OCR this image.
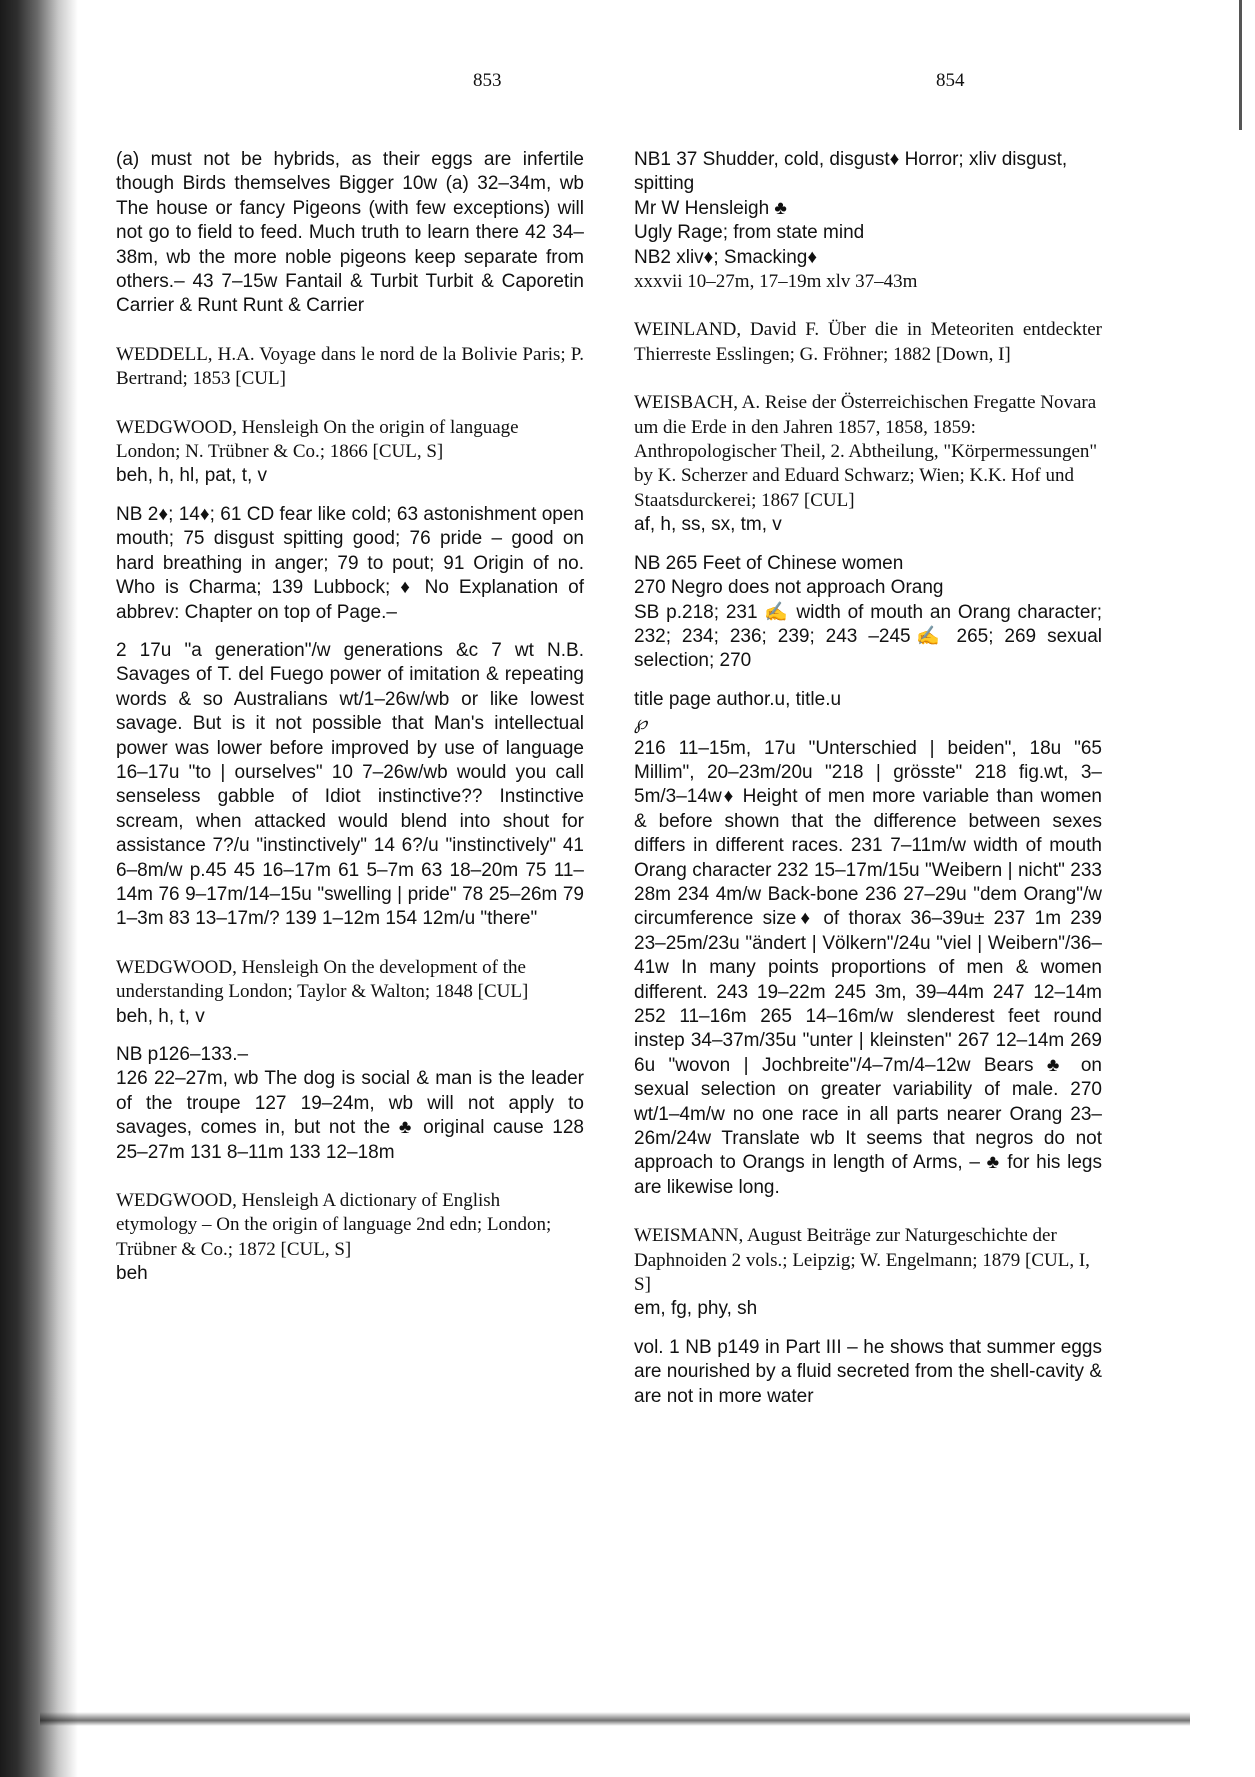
853	854
(a) must not be hybrids, as their eggs are infertile though Birds themselves Bigger 10w (a) 32–34m, wb The house or fancy Pigeons (with few exceptions) will not go to field to feed. Much truth to learn there 42 34–38m, wb the more noble pigeons keep separate from others.– 43 7–15w Fantail & Turbit Turbit & Caporetin Carrier & Runt Runt & Carrier
WEDDELL, H.A. Voyage dans le nord de la Bolivie Paris; P. Bertrand; 1853 [CUL]
WEDGWOOD, Hensleigh On the origin of language London; N. Trübner & Co.; 1866 [CUL, S]
beh, h, hl, pat, t, v
NB 2♦; 14♦; 61 CD fear like cold; 63 astonishment open mouth; 75 disgust spitting good; 76 pride – good on hard breathing in anger; 79 to pout; 91 Origin of no. Who is Charma; 139 Lubbock; ♦ No Explanation of abbrev: Chapter on top of Page.–
2 17u "a generation"/w generations &c 7 wt N.B. Savages of T. del Fuego power of imitation & repeating words & so Australians wt/1–26w/wb or like lowest savage. But is it not possible that Man's intellectual power was lower before improved by use of language 16–17u "to | ourselves" 10 7–26w/wb would you call senseless gabble of Idiot instinctive?? Instinctive scream, when attacked would blend into shout for assistance 7?/u "instinctively" 14 6?/u "instinctively" 41 6–8m/w p.45 45 16–17m 61 5–7m 63 18–20m 75 11–14m 76 9–17m/14–15u "swelling | pride" 78 25–26m 79 1–3m 83 13–17m/? 139 1–12m 154 12m/u "there"
WEDGWOOD, Hensleigh On the development of the understanding London; Taylor & Walton; 1848 [CUL]
beh, h, t, v
NB p126–133.–
126 22–27m, wb The dog is social & man is the leader of the troupe 127 19–24m, wb will not apply to savages, comes in, but not the ♣ original cause 128 25–27m 131 8–11m 133 12–18m
WEDGWOOD, Hensleigh A dictionary of English etymology – On the origin of language 2nd edn; London; Trübner & Co.; 1872 [CUL, S]
beh
NB1 37 Shudder, cold, disgust♦ Horror; xliv disgust, spitting
Mr W Hensleigh ♣
Ugly Rage; from state mind
NB2 xliv♦; Smacking♦
xxxvii 10–27m, 17–19m xlv 37–43m
WEINLAND, David F. Über die in Meteoriten entdeckter Thierreste Esslingen; G. Fröhner; 1882 [Down, I]
WEISBACH, A. Reise der Österreichischen Fregatte Novara um die Erde in den Jahren 1857, 1858, 1859: Anthropologischer Theil, 2. Abtheilung, "Körpermessungen" by K. Scherzer and Eduard Schwarz; Wien; K.K. Hof und Staatsdurckerei; 1867 [CUL]
af, h, ss, sx, tm, v
NB 265 Feet of Chinese women
270 Negro does not approach Orang
SB p.218; 231 ✍ width of mouth an Orang character; 232; 234; 236; 239; 243 –245✍ 265; 269 sexual selection; 270
title page author.u, title.u
℘
216 11–15m, 17u "Unterschied | beiden", 18u "65 Millim", 20–23m/20u "218 | grösste" 218 fig.wt, 3–5m/3–14w♦ Height of men more variable than women & before shown that the difference between sexes differs in different races. 231 7–11m/w width of mouth Orang character 232 15–17m/15u "Weibern | nicht" 233 28m 234 4m/w Back-bone 236 27–29u "dem Orang"/w circumference size♦ of thorax 36–39u± 237 1m 239 23–25m/23u "ändert | Völkern"/24u "viel | Weibern"/36–41w In many points proportions of men & women different. 243 19–22m 245 3m, 39–44m 247 12–14m 252 11–16m 265 14–16m/w slenderest feet round instep 34–37m/35u "unter | kleinsten" 267 12–14m 269 6u "wovon | Jochbreite"/4–7m/4–12w Bears ♣ on sexual selection on greater variability of male. 270 wt/1–4m/w no one race in all parts nearer Orang 23–26m/24w Translate wb It seems that negros do not approach to Orangs in length of Arms, – ♣ for his legs are likewise long.
WEISMANN, August Beiträge zur Naturgeschichte der Daphnoiden 2 vols.; Leipzig; W. Engelmann; 1879 [CUL, I, S]
em, fg, phy, sh
vol. 1 NB p149 in Part III – he shows that summer eggs are nourished by a fluid secreted from the shell-cavity & are not in more water
